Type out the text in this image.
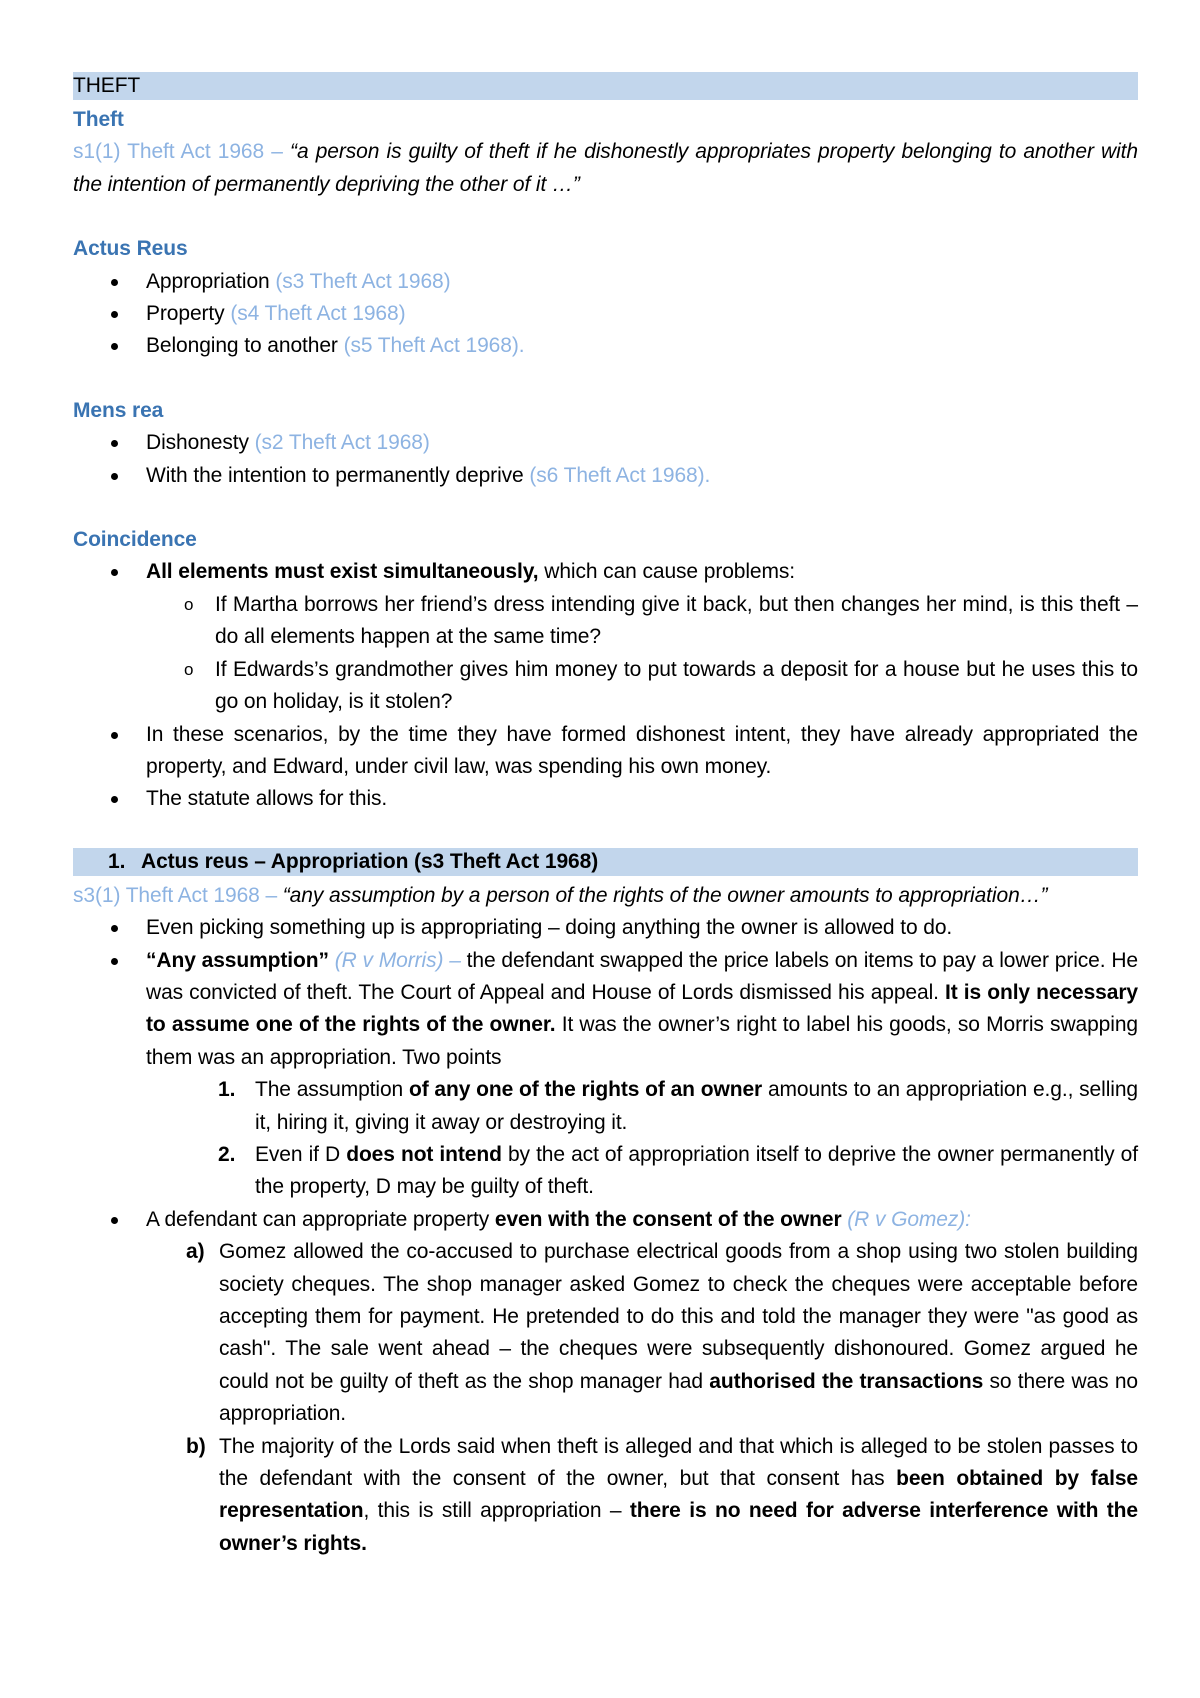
THEFT
Theft
s1(1) Theft Act 1968 – “a person is guilty of theft if he dishonestly appropriates property belonging to another with the intention of permanently depriving the other of it …”
Actus Reus
Appropriation (s3 Theft Act 1968)
Property (s4 Theft Act 1968)
Belonging to another (s5 Theft Act 1968).
Mens rea
Dishonesty (s2 Theft Act 1968)
With the intention to permanently deprive (s6 Theft Act 1968).
Coincidence
All elements must exist simultaneously, which can cause problems:
o If Martha borrows her friend’s dress intending give it back, but then changes her mind, is this theft – do all elements happen at the same time?
o If Edwards’s grandmother gives him money to put towards a deposit for a house but he uses this to go on holiday, is it stolen?
In these scenarios, by the time they have formed dishonest intent, they have already appropriated the property, and Edward, under civil law, was spending his own money.
The statute allows for this.
1. Actus reus – Appropriation (s3 Theft Act 1968)
s3(1) Theft Act 1968 – “any assumption by a person of the rights of the owner amounts to appropriation…”
Even picking something up is appropriating – doing anything the owner is allowed to do.
“Any assumption” (R v Morris) – the defendant swapped the price labels on items to pay a lower price. He was convicted of theft. The Court of Appeal and House of Lords dismissed his appeal. It is only necessary to assume one of the rights of the owner. It was the owner’s right to label his goods, so Morris swapping them was an appropriation. Two points
1. The assumption of any one of the rights of an owner amounts to an appropriation e.g., selling it, hiring it, giving it away or destroying it.
2. Even if D does not intend by the act of appropriation itself to deprive the owner permanently of the property, D may be guilty of theft.
A defendant can appropriate property even with the consent of the owner (R v Gomez):
a) Gomez allowed the co-accused to purchase electrical goods from a shop using two stolen building society cheques. The shop manager asked Gomez to check the cheques were acceptable before accepting them for payment. He pretended to do this and told the manager they were "as good as cash". The sale went ahead – the cheques were subsequently dishonoured. Gomez argued he could not be guilty of theft as the shop manager had authorised the transactions so there was no appropriation.
b) The majority of the Lords said when theft is alleged and that which is alleged to be stolen passes to the defendant with the consent of the owner, but that consent has been obtained by false representation, this is still appropriation – there is no need for adverse interference with the owner’s rights.
